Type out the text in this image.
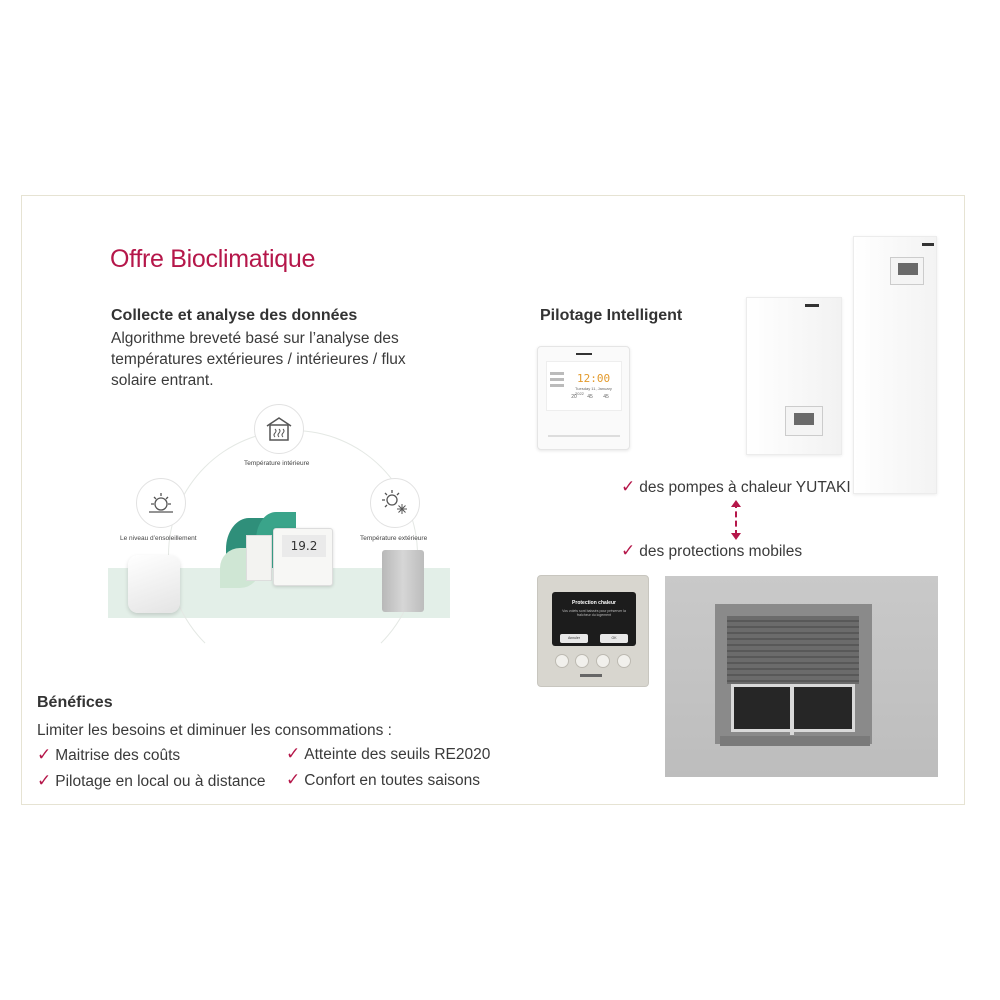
Offre Bioclimatique
Collecte et analyse des données
Algorithme breveté basé sur l’analyse des
températures extérieures / intérieures / flux
solaire entrant.
Température intérieure
Le niveau d’ensoleillement	Température extérieure
19.2
Pilotage Intelligent
12:00
Tuesday 11, January 2022
20	45	45
✓ des pompes à chaleur YUTAKI
✓ des protections mobiles
Protection chaleur
Vos volets sont baissés pour préserver la fraîcheur du logement
Annuler	OK
Bénéfices
Limiter les besoins et diminuer les consommations :
✓ Maitrise des coûts	✓ Atteinte des seuils RE2020
✓ Pilotage en local ou à distance ✓ Confort en toutes saisons
